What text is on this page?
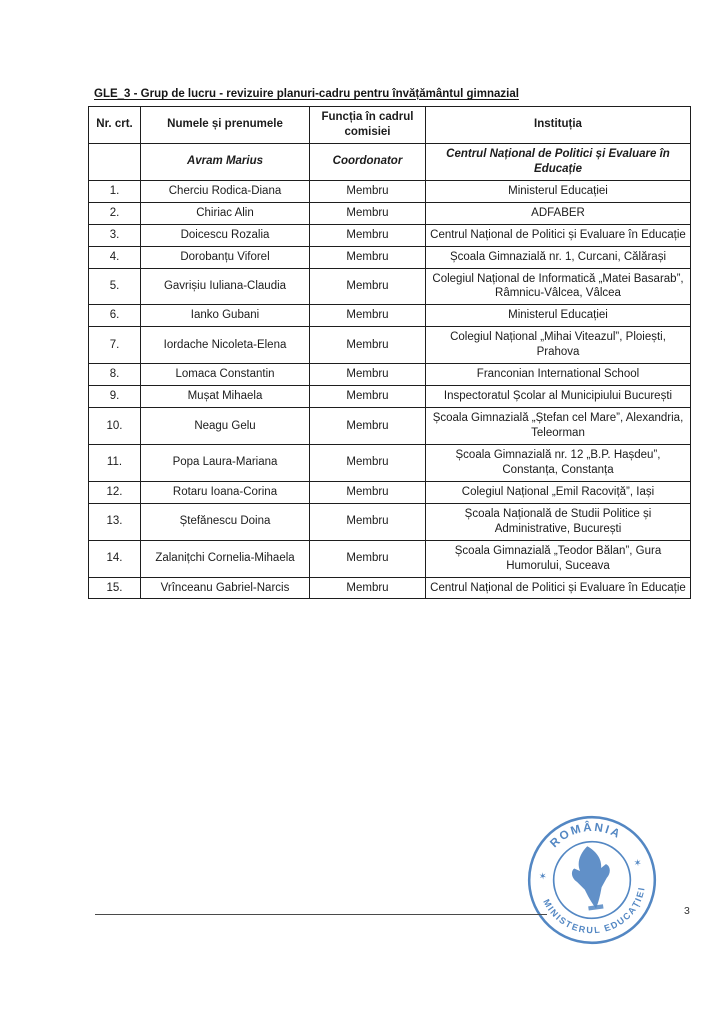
GLE_3 - Grup de lucru - revizuire planuri-cadru pentru învățământul gimnazial
Nr. crt.	Numele și prenumele	Funcția în cadrul comisiei	Instituția
	Avram Marius	Coordonator	Centrul Național de Politici și Evaluare în Educație
1.	Cherciu Rodica-Diana	Membru	Ministerul Educației
2.	Chiriac Alin	Membru	ADFABER
3.	Doicescu Rozalia	Membru	Centrul Național de Politici și Evaluare în Educație
4.	Dorobanțu Viforel	Membru	Școala Gimnazială nr. 1, Curcani, Călărași
5.	Gavrișiu Iuliana-Claudia	Membru	Colegiul Național de Informatică „Matei Basarab”, Râmnicu-Vâlcea, Vâlcea
6.	Ianko Gubani	Membru	Ministerul Educației
7.	Iordache Nicoleta-Elena	Membru	Colegiul Național „Mihai Viteazul”, Ploiești, Prahova
8.	Lomaca Constantin	Membru	Franconian International School
9.	Mușat Mihaela	Membru	Inspectoratul Școlar al Municipiului București
10.	Neagu Gelu	Membru	Școala Gimnazială „Ștefan cel Mare”, Alexandria, Teleorman
11.	Popa Laura-Mariana	Membru	Școala Gimnazială nr. 12 „B.P. Hașdeu”, Constanța, Constanța
12.	Rotaru Ioana-Corina	Membru	Colegiul Național „Emil Racoviță”, Iași
13.	Ștefănescu Doina	Membru	Școala Națională de Studii Politice și Administrative, București
14.	Zalanițchi Cornelia-Mihaela	Membru	Școala Gimnazială „Teodor Bălan”, Gura Humorului, Suceava
15.	Vrînceanu Gabriel-Narcis	Membru	Centrul Național de Politici și Evaluare în Educație
ROMÂNIA
MINISTERUL EDUCAȚIEI
✶
✶
3
